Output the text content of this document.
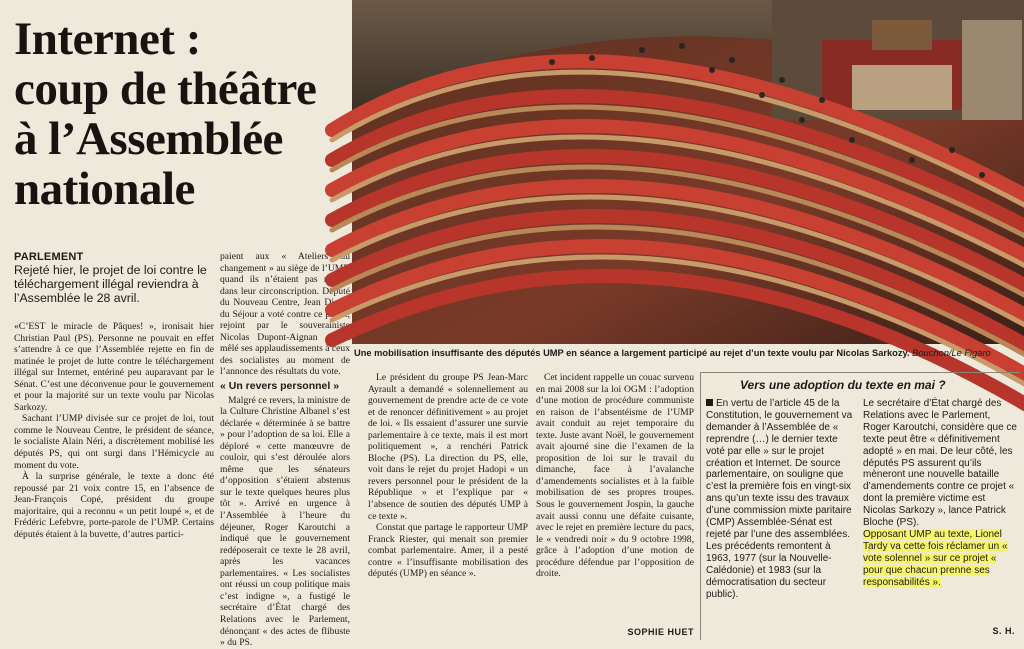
Internet :
coup de théâtre
à l’Assemblée
nationale
PARLEMENT
Rejeté hier, le projet de loi contre le téléchargement illégal reviendra à l’Assemblée le 28 avril.

«C’EST le miracle de Pâques! », ironisait hier Christian Paul (PS). Personne ne pouvait en effet s’attendre à ce que l’Assemblée rejette en fin de matinée le projet de lutte contre le téléchargement illégal sur Internet, entériné peu auparavant par le Sénat. C’est une déconvenue pour le gouvernement et pour la majorité sur un texte voulu par Nicolas Sarkozy.

Sachant l’UMP divisée sur ce projet de loi, tout comme le Nouveau Centre, le président de séance, le socialiste Alain Néri, a discrètement mobilisé les députés PS, qui ont surgi dans l’Hémicycle au moment du vote.

À la surprise générale, le texte a donc été repoussé par 21 voix contre 15, en l’absence de Jean-François Copé, président du groupe majoritaire, qui a reconnu « un petit loupé », et de Frédéric Lefebvre, porte-parole de l’UMP. Certains députés étaient à la buvette, d’autres partici-

paient aux « Ateliers du changement » au siège de l’UMP, quand ils n’étaient pas rentrés dans leur circonscription. Député du Nouveau Centre, Jean Dionis du Séjour a voté contre ce projet, rejoint par le souverainiste Nicolas Dupont-Aignan qui a mêlé ses applaudissements à ceux des socialistes au moment de l’annonce des résultats du vote.

« Un revers personnel »

Malgré ce revers, la ministre de la Culture Christine Albanel s’est déclarée « déterminée à se battre » pour l’adoption de sa loi. Elle a déploré « cette manœuvre de couloir, qui s’est déroulée alors même que les sénateurs d’opposition s’étaient abstenus sur le texte quelques heures plus tôt ». Arrivé en urgence à l’Assemblée à l’heure du déjeuner, Roger Karoutchi a indiqué que le gouvernement redéposerait ce texte le 28 avril, après les vacances parlementaires. « Les socialistes ont réussi un coup politique mais c’est indigne », a fustigé le secrétaire d’État chargé des Relations avec le Parlement, dénonçant « des actes de flibuste » du PS.

Une mobilisation insuffisante des députés UMP en séance a largement participé au rejet d’un texte voulu par Nicolas Sarkozy. Bouchon/Le Figaro

Le président du groupe PS Jean-Marc Ayrault a demandé « solennellement au gouvernement de prendre acte de ce vote et de renoncer définitivement » au projet de loi. « Ils essaient d’assurer une survie parlementaire à ce texte, mais il est mort politiquement », a renchéri Patrick Bloche (PS). La direction du PS, elle, voit dans le rejet du projet Hadopi « un revers personnel pour le président de la République » et l’explique par « l’absence de soutien des députés UMP à ce texte ».

Constat que partage le rapporteur UMP Franck Riester, qui menait son premier combat parlementaire. Amer, il a pesté contre « l’insuffisante mobilisation des députés (UMP) en séance ».

Cet incident rappelle un couac survenu en mai 2008 sur la loi OGM : l’adoption d’une motion de procédure communiste en raison de l’absentéisme de l’UMP avait conduit au rejet temporaire du texte. Juste avant Noël, le gouvernement avait ajourné sine die l’examen de la proposition de loi sur le travail du dimanche, face à l’avalanche d’amendements socialistes et à la faible mobilisation de ses propres troupes. Sous le gouvernement Jospin, la gauche avait aussi connu une défaite cuisante, avec le rejet en première lecture du pacs, le « vendredi noir » du 9 octobre 1998, grâce à l’adoption d’une motion de procédure défendue par l’opposition de droite.

SOPHIE HUET
Vers une adoption du texte en mai ?

En vertu de l’article 45 de la Constitution, le gouvernement va demander à l’Assemblée de « reprendre (…) le dernier texte voté par elle » sur le projet création et Internet. De source parlementaire, on souligne que c’est la première fois en vingt-six ans qu’un texte issu des travaux d’une commission mixte paritaire (CMP) Assemblée-Sénat est rejeté par l’une des assemblées.

Les précédents remontent à 1963, 1977 (sur la Nouvelle-Calédonie) et 1983 (sur la démocratisation du secteur public).

Le secrétaire d’État chargé des Relations avec le Parlement, Roger Karoutchi, considère que ce texte peut être « définitivement adopté » en mai. De leur côté, les députés PS assurent qu’ils mèneront une nouvelle bataille d’amendements contre ce projet « dont la première victime est Nicolas Sarkozy », lance Patrick Bloche (PS).

Opposant UMP au texte, Lionel Tardy va cette fois réclamer un « vote solennel » sur ce projet « pour que chacun prenne ses responsabilités ».

S. H.
